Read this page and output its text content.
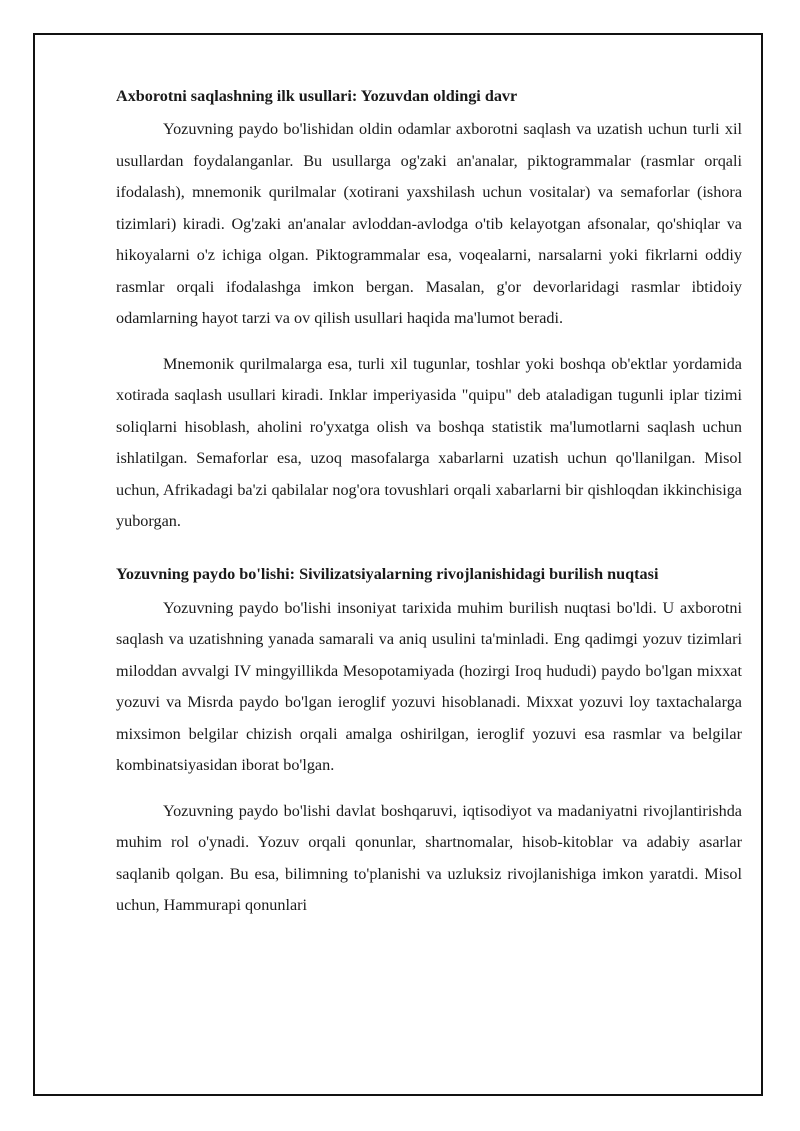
Axborotni saqlashning ilk usullari: Yozuvdan oldingi davr

Yozuvning paydo bo'lishidan oldin odamlar axborotni saqlash va uzatish uchun turli xil usullardan foydalanganlar. Bu usullarga og'zaki an'analar, piktogrammalar (rasmlar orqali ifodalash), mnemonik qurilmalar (xotirani yaxshilash uchun vositalar) va semaforlar (ishora tizimlari) kiradi. Og'zaki an'analar avloddan-avlodga o'tib kelayotgan afsonalar, qo'shiqlar va hikoyalarni o'z ichiga olgan. Piktogrammalar esa, voqealarni, narsalarni yoki fikrlarni oddiy rasmlar orqali ifodalashga imkon bergan. Masalan, g'or devorlaridagi rasmlar ibtidoiy odamlarning hayot tarzi va ov qilish usullari haqida ma'lumot beradi.

Mnemonik qurilmalarga esa, turli xil tugunlar, toshlar yoki boshqa ob'ektlar yordamida xotirada saqlash usullari kiradi. Inklar imperiyasida "quipu" deb ataladigan tugunli iplar tizimi soliqlarni hisoblash, aholini ro'yxatga olish va boshqa statistik ma'lumotlarni saqlash uchun ishlatilgan. Semaforlar esa, uzoq masofalarga xabarlarni uzatish uchun qo'llanilgan. Misol uchun, Afrikadagi ba'zi qabilalar nog'ora tovushlari orqali xabarlarni bir qishloqdan ikkinchisiga yuborgan.

Yozuvning paydo bo'lishi: Sivilizatsiyalarning rivojlanishidagi burilish nuqtasi

Yozuvning paydo bo'lishi insoniyat tarixida muhim burilish nuqtasi bo'ldi. U axborotni saqlash va uzatishning yanada samarali va aniq usulini ta'minladi. Eng qadimgi yozuv tizimlari miloddan avvalgi IV mingyillikda Mesopotamiyada (hozirgi Iroq hududi) paydo bo'lgan mixxat yozuvi va Misrda paydo bo'lgan ieroglif yozuvi hisoblanadi. Mixxat yozuvi loy taxtachalarga mixsimon belgilar chizish orqali amalga oshirilgan, ieroglif yozuvi esa rasmlar va belgilar kombinatsiyasidan iborat bo'lgan.

Yozuvning paydo bo'lishi davlat boshqaruvi, iqtisodiyot va madaniyatni rivojlantirishda muhim rol o'ynadi. Yozuv orqali qonunlar, shartnomalar, hisob-kitoblar va adabiy asarlar saqlanib qolgan. Bu esa, bilimning to'planishi va uzluksiz rivojlanishiga imkon yaratdi. Misol uchun, Hammurapi qonunlari
